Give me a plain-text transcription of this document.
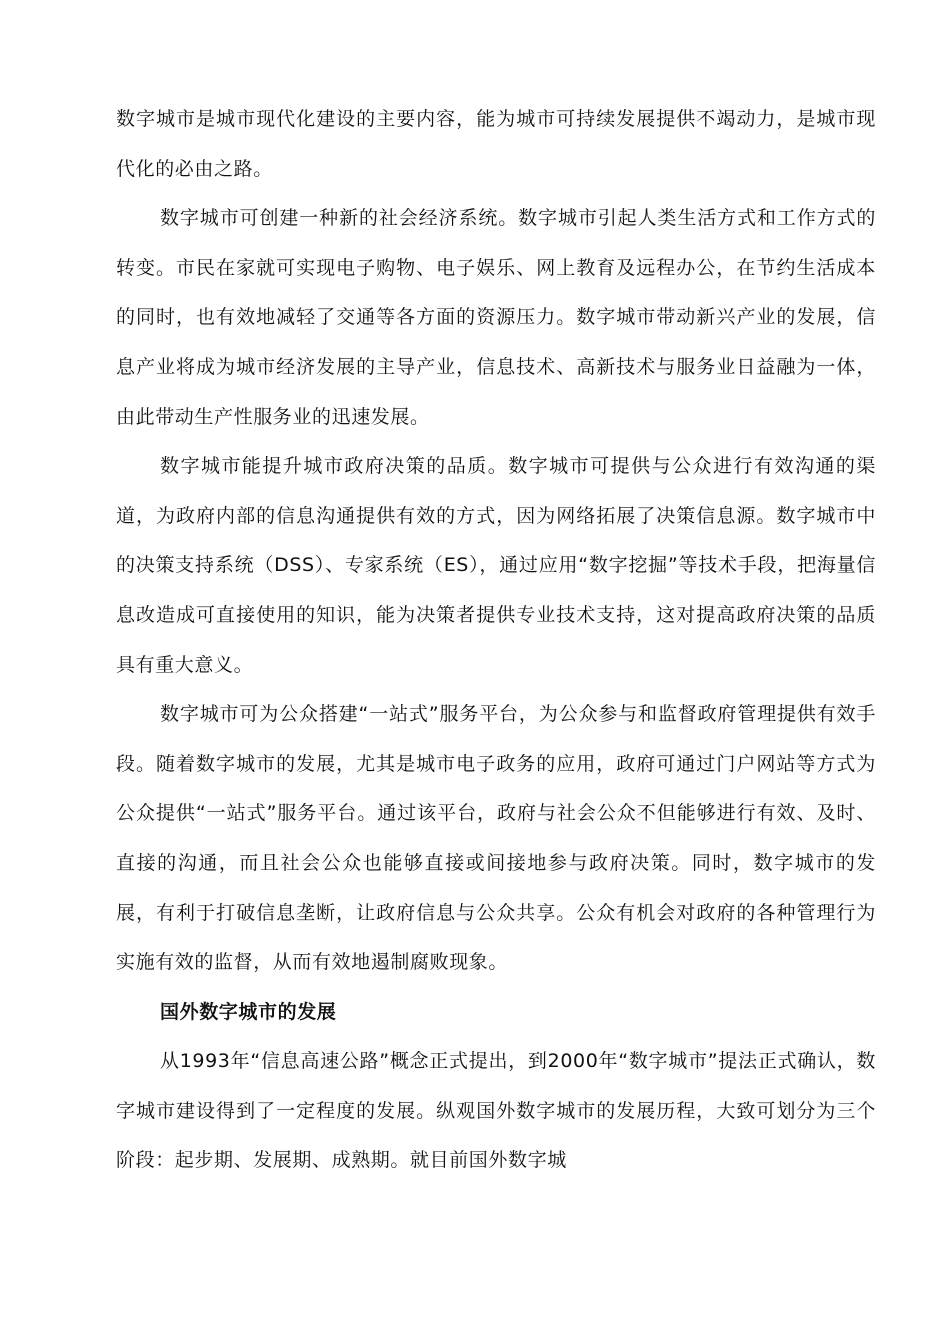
数字城市是城市现代化建设的主要内容，能为城市可持续发展提供不竭动力，是城市现代化的必由之路。

数字城市可创建一种新的社会经济系统。数字城市引起人类生活方式和工作方式的转变。市民在家就可实现电子购物、电子娱乐、网上教育及远程办公，在节约生活成本的同时，也有效地减轻了交通等各方面的资源压力。数字城市带动新兴产业的发展，信息产业将成为城市经济发展的主导产业，信息技术、高新技术与服务业日益融为一体，由此带动生产性服务业的迅速发展。

数字城市能提升城市政府决策的品质。数字城市可提供与公众进行有效沟通的渠道，为政府内部的信息沟通提供有效的方式，因为网络拓展了决策信息源。数字城市中的决策支持系统（DSS）、专家系统（ES），通过应用“数字挖掘”等技术手段，把海量信息改造成可直接使用的知识，能为决策者提供专业技术支持，这对提高政府决策的品质具有重大意义。

数字城市可为公众搭建“一站式”服务平台，为公众参与和监督政府管理提供有效手段。随着数字城市的发展，尤其是城市电子政务的应用，政府可通过门户网站等方式为公众提供“一站式”服务平台。通过该平台，政府与社会公众不但能够进行有效、及时、直接的沟通，而且社会公众也能够直接或间接地参与政府决策。同时，数字城市的发展，有利于打破信息垄断，让政府信息与公众共享。公众有机会对政府的各种管理行为实施有效的监督，从而有效地遏制腐败现象。

国外数字城市的发展

从1993年“信息高速公路”概念正式提出，到2000年“数字城市”提法正式确认，数字城市建设得到了一定程度的发展。纵观国外数字城市的发展历程，大致可划分为三个阶段：起步期、发展期、成熟期。就目前国外数字城
